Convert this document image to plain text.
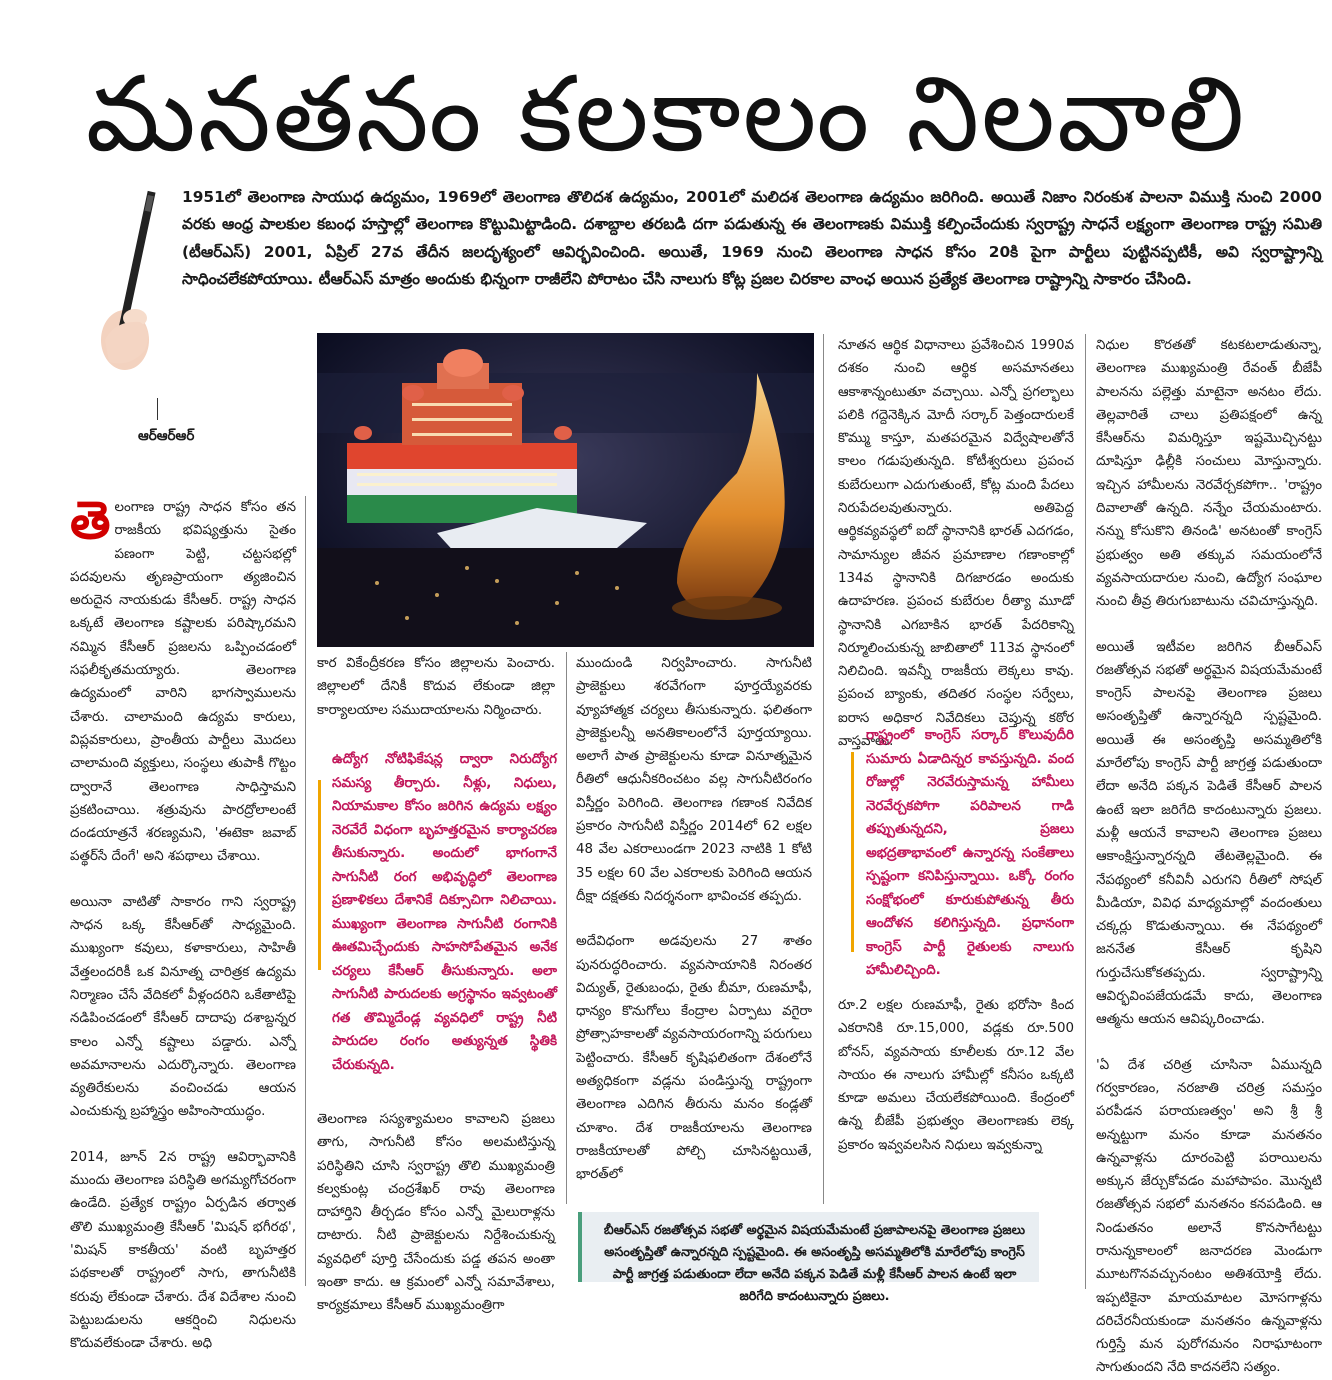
మనతనం కలకాలం నిలవాలి
1951లో తెలంగాణ సాయుధ ఉద్యమం, 1969లో తెలంగాణ తొలిదశ ఉద్యమం, 2001లో మలిదశ తెలంగాణ ఉద్యమం జరిగింది. అయితే నిజాం నిరంకుశ పాలనా విముక్తి నుంచి 2000 వరకు ఆంధ్ర పాలకుల కబంధ హస్తాల్లో తెలంగాణ కొట్టుమిట్టాడింది. దశాబ్దాల తరబడి దగా పడుతున్న ఈ తెలంగాణకు విముక్తి కల్పించేందుకు స్వరాష్ట్ర సాధనే లక్ష్యంగా తెలంగాణ రాష్ట్ర సమితి (టీఆర్ఎస్) 2001, ఏప్రిల్ 27వ తేదీన జలదృశ్యంలో ఆవిర్భవించింది. అయితే, 1969 నుంచి తెలంగాణ సాధన కోసం 20కి పైగా పార్టీలు పుట్టినప్పటికీ, అవి స్వరాష్ట్రాన్ని సాధించలేకపోయాయి. టీఆర్ఎస్ మాత్రం అందుకు భిన్నంగా రాజీలేని పోరాటం చేసి నాలుగు కోట్ల ప్రజల చిరకాల వాంఛ అయిన ప్రత్యేక తెలంగాణ రాష్ట్రాన్ని సాకారం చేసింది.
ఆర్‌ఆర్‌ఆర్

తెలంగాణ రాష్ట్ర సాధన కోసం తన రాజకీయ భవిష్యత్తును సైతం పణంగా పెట్టి, చట్టసభల్లో పదవులను తృణప్రాయంగా త్యజించిన అరుదైన నాయకుడు కేసీఆర్. రాష్ట్ర సాధన ఒక్కటే తెలంగాణ కష్టాలకు పరిష్కారమని నమ్మిన కేసీఆర్ ప్రజలను ఒప్పించడంలో సఫలీకృతమయ్యారు. తెలంగాణ ఉద్యమంలో వారిని భాగస్వాములను చేశారు. చాలామంది ఉద్యమ కారులు, విప్లవకారులు, ప్రాంతీయ పార్టీలు మొదలు చాలామంది వ్యక్తులు, సంస్థలు తుపాకీ గొట్టం ద్వారానే తెలంగాణ సాధిస్తామని ప్రకటించాయి. శత్రువును పారద్రోలాలంటే దండయాత్రనే శరణ్యమని, 'ఈటెకా జవాబ్ పత్థర్‌సే దేంగే' అని శపథాలు చేశాయి.

అయినా వాటితో సాకారం గాని స్వరాష్ట్ర సాధన ఒక్క కేసీఆర్‌తో సాధ్యమైంది. ముఖ్యంగా కవులు, కళాకారులు, సాహితీ వేత్తలందరికీ ఒక వినూత్న చారిత్రక ఉద్యమ నిర్మాణం చేసే వేదికలో వీళ్లందరిని ఒకేతాటిపై నడిపించడంలో కేసీఆర్ దాదాపు దశాబ్దన్నర కాలం ఎన్నో కష్టాలు పడ్డారు. ఎన్నో అవమానాలను ఎదుర్కొన్నారు. తెలంగాణ వ్యతిరేకులను వంచించడు ఆయన ఎంచుకున్న బ్రహ్మాస్త్రం అహింసాయుద్ధం.

2014, జూన్ 2న రాష్ట్ర ఆవిర్భావానికి ముందు తెలంగాణ పరిస్థితి అగమ్యగోచరంగా ఉండేది. ప్రత్యేక రాష్ట్రం ఏర్పడిన తర్వాత తొలి ముఖ్యమంత్రి కేసీఆర్ 'మిషన్ భగీరథ', 'మిషన్ కాకతీయ' వంటి బృహత్తర పథకాలతో రాష్ట్రంలో సాగు, తాగునీటికి కరువు లేకుండా చేశారు. దేశ విదేశాల నుంచి పెట్టుబడులను ఆకర్షించి నిధులను కొదువలేకుండా చేశారు. అధి

కార వికేంద్రీకరణ కోసం జిల్లాలను పెంచారు. జిల్లాలలో దేనికీ కొదువ లేకుండా జిల్లా కార్యాలయాల సముదాయాలను నిర్మించారు.

ఉద్యోగ నోటిఫికేషన్ల ద్వారా నిరుద్యోగ సమస్య తీర్చారు. నీళ్లు, నిధులు, నియామకాల కోసం జరిగిన ఉద్యమ లక్ష్యం నెరవేరే విధంగా బృహత్తరమైన కార్యాచరణ తీసుకున్నారు. అందులో భాగంగానే సాగునీటి రంగ అభివృద్ధిలో తెలంగాణ ప్రణాళికలు దేశానికే దిక్సూచిగా నిలిచాయి. ముఖ్యంగా తెలంగాణ సాగునీటి రంగానికి ఊతమిచ్చేందుకు సాహసోపేతమైన అనేక చర్యలు కేసీఆర్ తీసుకున్నారు. అలా సాగునీటి పారుదలకు అగ్రస్థానం ఇవ్వటంతో గత తొమ్మిదేండ్ల వ్యవధిలో రాష్ట్ర నీటి పారుదల రంగం అత్యున్నత స్థితికి చేరుకున్నది.

తెలంగాణ సస్యశ్యామలం కావాలని ప్రజలు తాగు, సాగునీటి కోసం అలమటిస్తున్న పరిస్థితిని చూసి స్వరాష్ట్ర తొలి ముఖ్యమంత్రి కల్వకుంట్ల చంద్రశేఖర్ రావు తెలంగాణ దాహార్తిని తీర్చడం కోసం ఎన్నో మైలురాళ్లను దాటారు. నీటి ప్రాజెక్టులను నిర్దేశించుకున్న వ్యవధిలో పూర్తి చేసేందుకు పడ్డ తపన అంతా ఇంతా కాదు. ఆ క్రమంలో ఎన్నో సమావేశాలు, కార్యక్రమాలు కేసీఆర్ ముఖ్యమంత్రిగా

ముందుండి నిర్వహించారు. సాగునీటి ప్రాజెక్టులు శరవేగంగా పూర్తయ్యేవరకు వ్యూహాత్మక చర్యలు తీసుకున్నారు. ఫలితంగా ప్రాజెక్టులన్నీ అనతికాలంలోనే పూర్తయ్యాయి. అలాగే పాత ప్రాజెక్టులను కూడా వినూత్నమైన రీతిలో ఆధునీకరించటం వల్ల సాగునీటిరంగం విస్తీర్ణం పెరిగింది. తెలంగాణ గణాంక నివేదిక ప్రకారం సాగునీటి విస్తీర్ణం 2014లో 62 లక్షల 48 వేల ఎకరాలుండగా 2023 నాటికి 1 కోటి 35 లక్షల 60 వేల ఎకరాలకు పెరిగింది ఆయన దీక్షా దక్షతకు నిదర్శనంగా భావించక తప్పదు.

అదేవిధంగా అడవులను 27 శాతం పునరుద్ధరించారు. వ్యవసాయానికి నిరంతర విద్యుత్, రైతుబంధు, రైతు బీమా, రుణమాఫీ, ధాన్యం కొనుగోలు కేంద్రాల ఏర్పాటు వగైరా ప్రోత్సాహకాలతో వ్యవసాయరంగాన్ని పరుగులు పెట్టించారు. కేసీఆర్ కృషిఫలితంగా దేశంలోనే అత్యధికంగా వడ్లను పండిస్తున్న రాష్ట్రంగా తెలంగాణ ఎదిగిన తీరును మనం కండ్లతో చూశాం. దేశ రాజకీయాలను తెలంగాణ రాజకీయాలతో పోల్చి చూసినట్టయితే, భారత్‌లో

నూతన ఆర్థిక విధానాలు ప్రవేశించిన 1990వ దశకం నుంచి ఆర్థిక అసమానతలు ఆకాశాన్నంటుతూ వచ్చాయి. ఎన్నో ప్రగల్భాలు పలికి గద్దెనెక్కిన మోదీ సర్కార్ పెత్తందారులకే కొమ్ము కాస్తూ, మతపరమైన విద్వేషాలతోనే కాలం గడుపుతున్నది. కోటీశ్వరులు ప్రపంచ కుబేరులుగా ఎదుగుతుంటే, కోట్ల మంది పేదలు నిరుపేదలవుతున్నారు. అతిపెద్ద ఆర్థికవ్యవస్థలో ఐదో స్థానానికి భారత్ ఎదగడం, సామాన్యుల జీవన ప్రమాణాల గణాంకాల్లో 134వ స్థానానికి దిగజారడం అందుకు ఉదాహరణ. ప్రపంచ కుబేరుల రీత్యా మూడో స్థానానికి ఎగబాకిన భారత్ పేదరికాన్ని నిర్మూలించుకున్న జాబితాలో 113వ స్థానంలో నిలిచింది. ఇవన్నీ రాజకీయ లెక్కలు కావు. ప్రపంచ బ్యాంకు, తదితర సంస్థల సర్వేలు, ఐరాస అధికార నివేదికలు చెప్తున్న కఠోర వాస్తవాలు.

రాష్ట్రంలో కాంగ్రెస్ సర్కార్ కొలువుదీరి సుమారు ఏడాదిన్నర కావస్తున్నది. వంద రోజుల్లో నెరవేరుస్తామన్న హామీలు నెరవేర్చకపోగా పరిపాలన గాడి తప్పుతున్నదని, ప్రజలు అభద్రతాభావంలో ఉన్నారన్న సంకేతాలు స్పష్టంగా కనిపిస్తున్నాయి. ఒక్కో రంగం సంక్షోభంలో కూరుకుపోతున్న తీరు ఆందోళన కలిగిస్తున్నది. ప్రధానంగా కాంగ్రెస్ పార్టీ రైతులకు నాలుగు హామీలిచ్చింది.

రూ.2 లక్షల రుణమాఫీ, రైతు భరోసా కింద ఎకరానికి రూ.15,000, వడ్లకు రూ.500 బోనస్, వ్యవసాయ కూలీలకు రూ.12 వేల సాయం ఈ నాలుగు హామీల్లో కనీసం ఒక్కటి కూడా అమలు చేయలేకపోయింది. కేంద్రంలో ఉన్న బీజేపీ ప్రభుత్వం తెలంగాణకు లెక్క ప్రకారం ఇవ్వవలసిన నిధులు ఇవ్వకున్నా

నిధుల కొరతతో కటకటలాడుతున్నా, తెలంగాణ ముఖ్యమంత్రి రేవంత్ బీజేపీ పాలనను పల్లెత్తు మాటైనా అనటం లేదు. తెల్లవారితే చాలు ప్రతిపక్షంలో ఉన్న కేసీఆర్‌ను విమర్శిస్తూ ఇష్టమొచ్చినట్టు దూషిస్తూ ఢిల్లీకి సంచులు మోస్తున్నారు. ఇచ్చిన హామీలను నెరవేర్చకపోగా.. 'రాష్ట్రం దివాలాతో ఉన్నది. నన్నేం చేయమంటారు. నన్ను కోసుకొని తినండి' అనటంతో కాంగ్రెస్ ప్రభుత్వం అతి తక్కువ సమయంలోనే వ్యవసాయదారుల నుంచి, ఉద్యోగ సంఘాల నుంచి తీవ్ర తిరుగుబాటును చవిచూస్తున్నది.

అయితే ఇటీవల జరిగిన బీఆర్ఎస్ రజతోత్సవ సభతో అర్థమైన విషయమేమంటే కాంగ్రెస్ పాలనపై తెలంగాణ ప్రజలు అసంతృప్తితో ఉన్నారన్నది స్పష్టమైంది. అయితే ఈ అసంతృప్తి అసమ్మతిలోకి మారేలోపు కాంగ్రెస్ పార్టీ జాగ్రత్త పడుతుందా లేదా అనేది పక్కన పెడితే కేసీఆర్ పాలన ఉంటే ఇలా జరిగేది కాదంటున్నారు ప్రజలు. మళ్లీ ఆయనే కావాలని తెలంగాణ ప్రజలు ఆకాంక్షిస్తున్నారన్నది తేటతెల్లమైంది. ఈ నేపథ్యంలో కనీవినీ ఎరుగని రీతిలో సోషల్ మీడియా, వివిధ మాధ్యమాల్లో వందంతులు చక్కర్లు కొడుతున్నాయి. ఈ నేపథ్యంలో జననేత కేసీఆర్ కృషిని గుర్తుచేసుకోకతప్పదు. స్వరాష్ట్రాన్ని ఆవిర్భవింపజేయడమే కాదు, తెలంగాణ ఆత్మను ఆయన ఆవిష్కరించాడు.

'ఏ దేశ చరిత్ర చూసినా ఏమున్నది గర్వకారణం, నరజాతి చరిత్ర సమస్తం పరపీడన పరాయణత్వం' అని శ్రీ శ్రీ అన్నట్టుగా మనం కూడా మనతనం ఉన్నవాళ్లను దూరంపెట్టి పరాయిలను అక్కున జేర్చుకోవడం మహాపాపం. మొన్నటి రజతోత్సవ సభలో మనతనం కనపడింది. ఆ నిండుతనం అలానే కొనసాగేటట్టు రానున్నకాలంలో జనాదరణ మెండుగా మూటగొనవచ్చునంటం అతిశయోక్తి లేదు. ఇప్పటికైనా మాయమాటల మోసగాళ్లను దరిచేరనీయకుండా మనతనం ఉన్నవాళ్లను గుర్తిస్తే మన పురోగమనం నిరాఘాటంగా సాగుతుందని నేది కాదనలేని సత్యం.

బీఆర్ఎస్ రజతోత్సవ సభతో అర్థమైన విషయమేమంటే ప్రజాపాలనపై తెలంగాణ ప్రజలు అసంతృప్తితో ఉన్నారన్నది స్పష్టమైంది. ఈ అసంతృప్తి అసమ్మతిలోకి మారేలోపు కాంగ్రెస్ పార్టీ జాగ్రత్త పడుతుందా లేదా అనేది పక్కన పెడితే మళ్లీ కేసీఆర్ పాలన ఉంటే ఇలా జరిగేది కాదంటున్నారు ప్రజలు.
